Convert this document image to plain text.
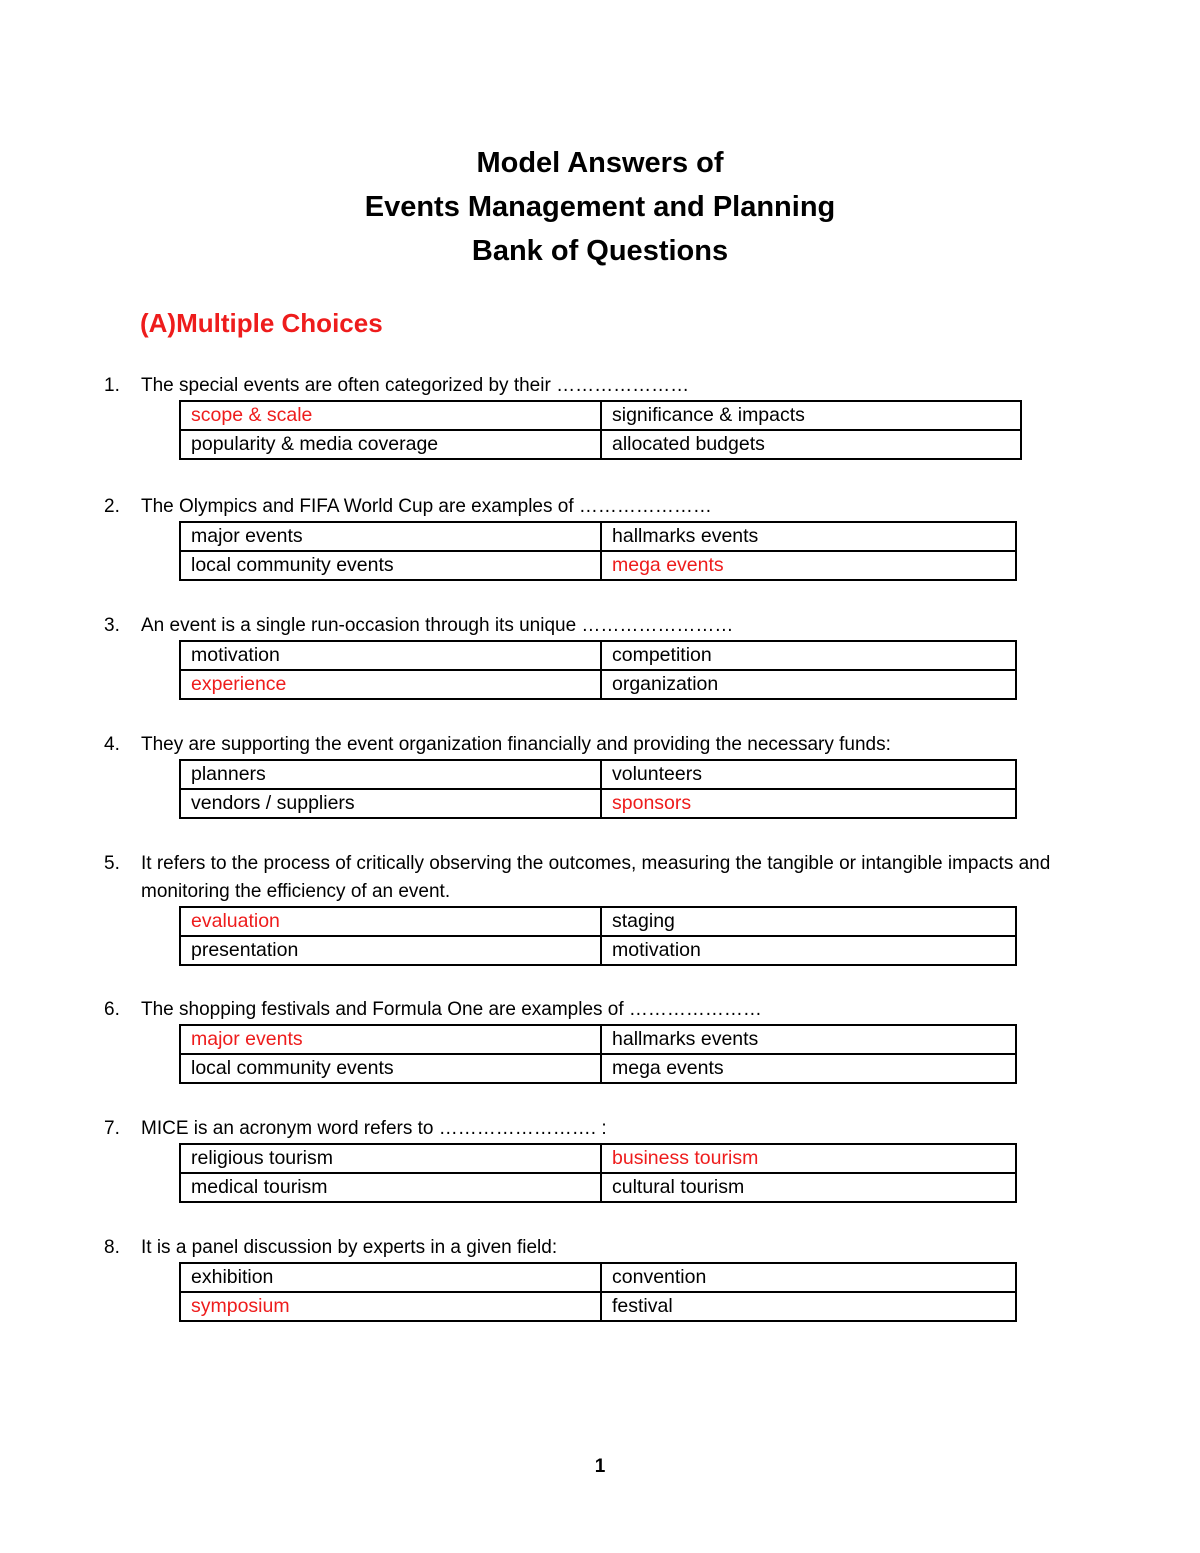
Model Answers of
Events Management and Planning
Bank of Questions
(A)Multiple Choices
1. The special events are often categorized by their …………………
scope & scale	significance & impacts
popularity & media coverage	allocated budgets
2. The Olympics and FIFA World Cup are examples of …………………
major events	hallmarks events
local community events	mega events
3. An event is a single run-occasion through its unique ……………………
motivation	competition
experience	organization
4. They are supporting the event organization financially and providing the necessary funds:
planners	volunteers
vendors / suppliers	sponsors
5. It refers to the process of critically observing the outcomes, measuring the tangible or intangible impacts and monitoring the efficiency of an event.
evaluation	staging
presentation	motivation
6. The shopping festivals and Formula One are examples of …………………
major events	hallmarks events
local community events	mega events
7. MICE is an acronym word refers to ……………………. :
religious tourism	business tourism
medical tourism	cultural tourism
8. It is a panel discussion by experts in a given field:
exhibition	convention
symposium	festival
1
